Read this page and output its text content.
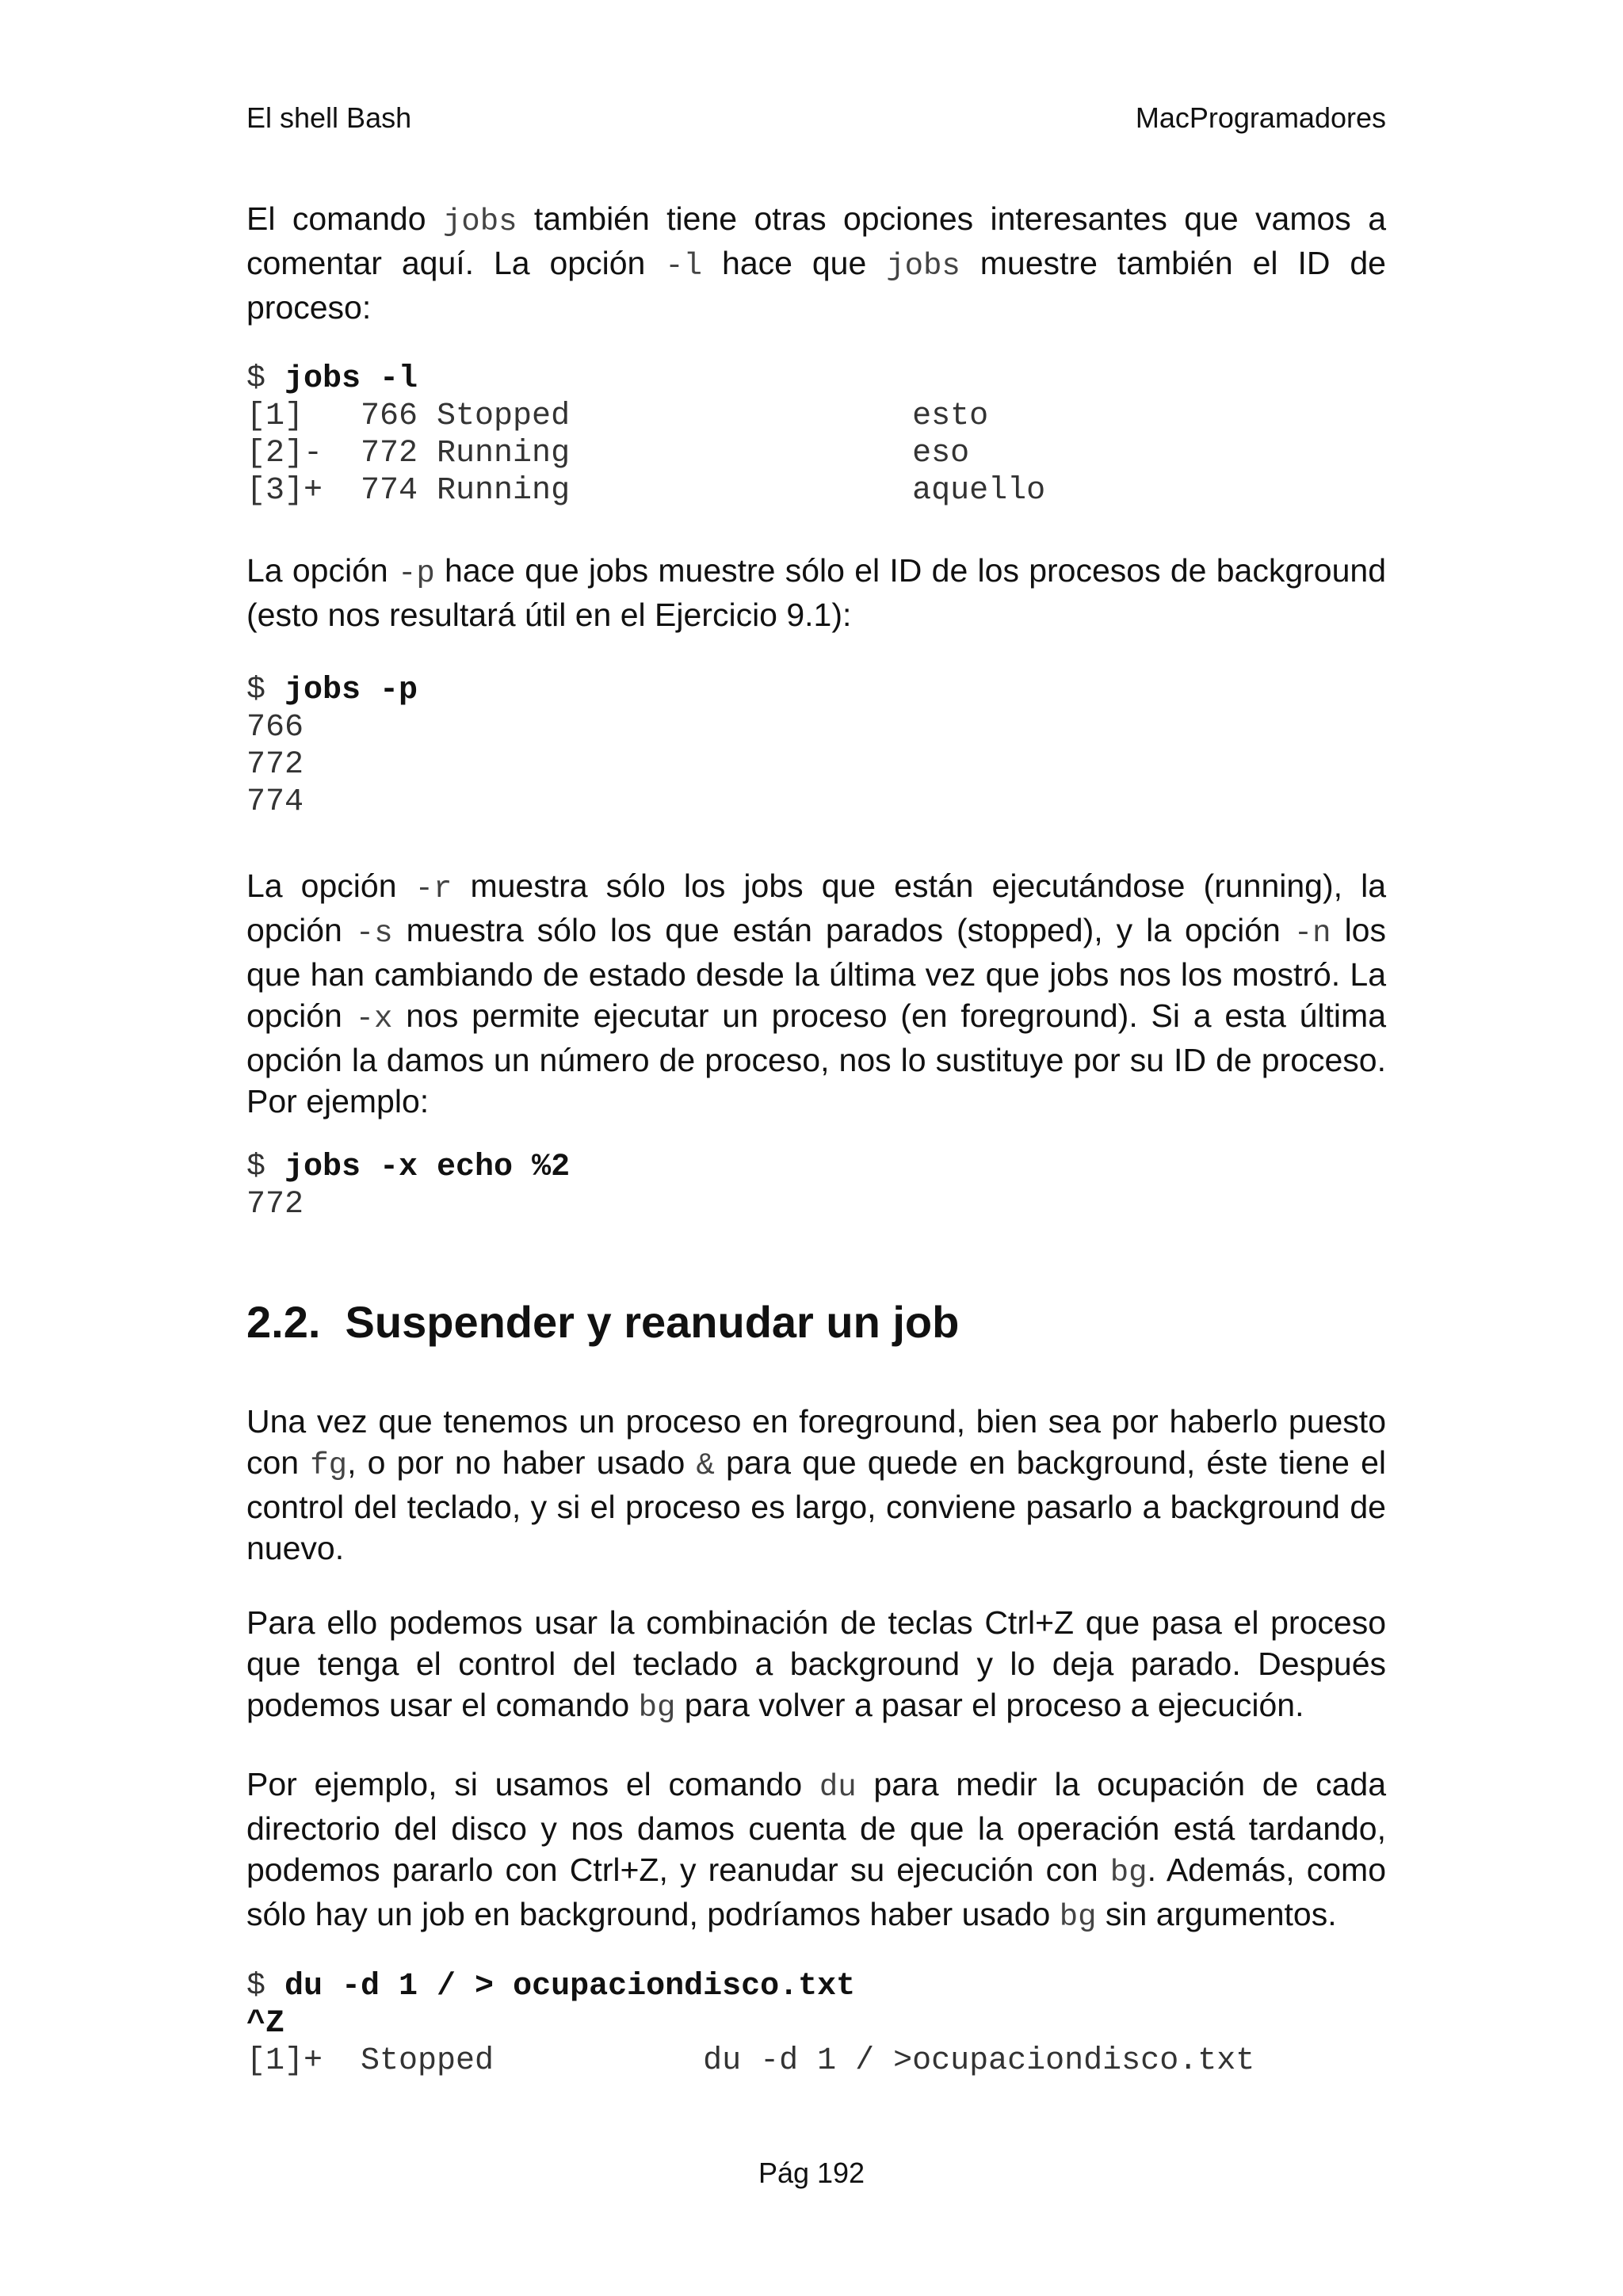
El shell Bash	MacProgramadores

El comando jobs también tiene otras opciones interesantes que vamos a comentar aquí. La opción -l hace que jobs muestre también el ID de proceso:

$ jobs -l
[1]   766 Stopped                  esto
[2]-  772 Running                  eso
[3]+  774 Running                  aquello

La opción -p hace que jobs muestre sólo el ID de los procesos de background (esto nos resultará útil en el Ejercicio 9.1):

$ jobs -p
766
772
774

La opción -r muestra sólo los jobs que están ejecutándose (running), la opción -s muestra sólo los que están parados (stopped), y la opción -n los que han cambiando de estado desde la última vez que jobs nos los mostró. La opción -x nos permite ejecutar un proceso (en foreground). Si a esta última opción la damos un número de proceso, nos lo sustituye por su ID de proceso. Por ejemplo:

$ jobs -x echo %2
772

2.2. Suspender y reanudar un job

Una vez que tenemos un proceso en foreground, bien sea por haberlo puesto con fg, o por no haber usado & para que quede en background, éste tiene el control del teclado, y si el proceso es largo, conviene pasarlo a background de nuevo.

Para ello podemos usar la combinación de teclas Ctrl+Z que pasa el proceso que tenga el control del teclado a background y lo deja parado. Después podemos usar el comando bg para volver a pasar el proceso a ejecución.

Por ejemplo, si usamos el comando du para medir la ocupación de cada directorio del disco y nos damos cuenta de que la operación está tardando, podemos pararlo con Ctrl+Z, y reanudar su ejecución con bg. Además, como sólo hay un job en background, podríamos haber usado bg sin argumentos.

$ du -d 1 / > ocupaciondisco.txt
^Z
[1]+  Stopped           du -d 1 / >ocupaciondisco.txt
Pág 192
